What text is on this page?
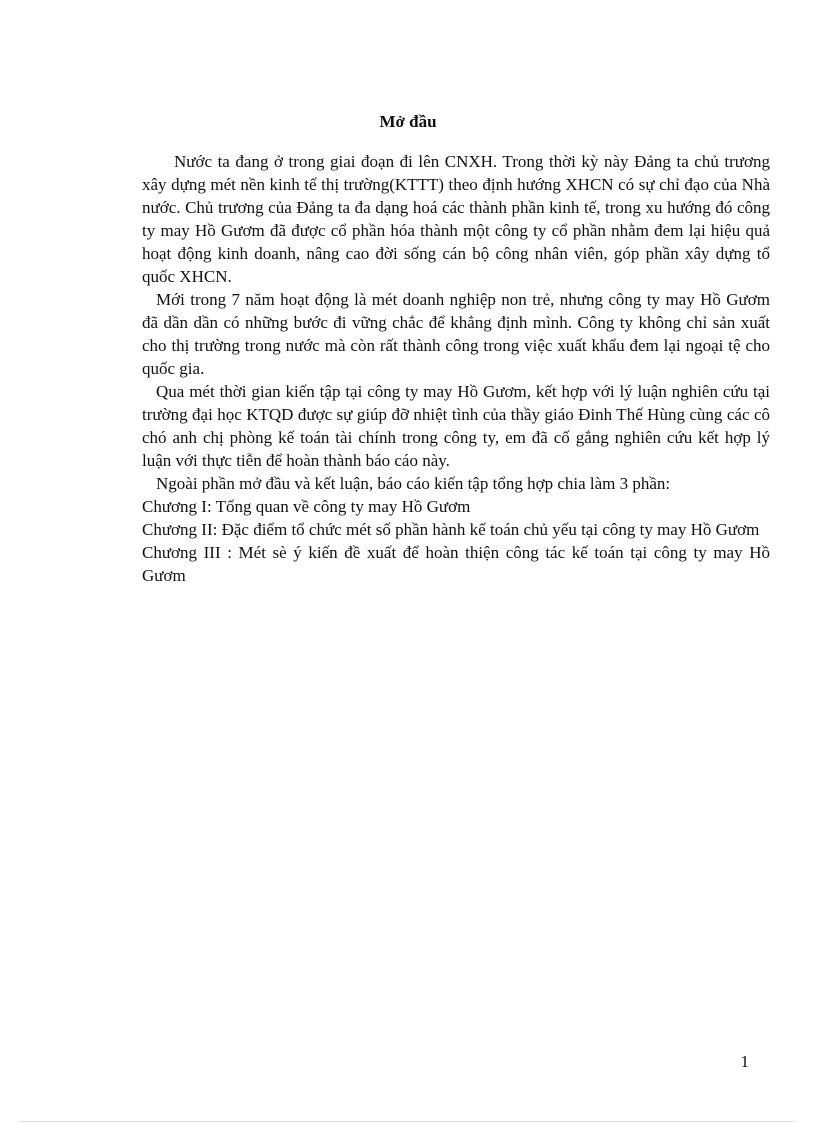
Mở đầu

Nước ta đang ở trong giai đoạn đi lên CNXH. Trong thời kỳ này Đảng ta chủ trương xây dựng mét nền kinh tế thị trường(KTTT) theo định hướng XHCN có sự chỉ đạo của Nhà nước. Chủ trương của Đảng ta đa dạng hoá các thành phần kinh tế, trong xu hướng đó công ty may Hồ Gươm đã được cổ phần hóa thành một công ty cổ phần nhằm đem lại hiệu quả hoạt động kinh doanh, nâng cao đời sống cán bộ công nhân viên, góp phần xây dựng tổ quốc XHCN.

Mới trong 7 năm hoạt động là mét doanh nghiệp non trẻ, nhưng công ty may Hồ Gươm đã dần dần có những bước đi vững chắc để khẳng định mình. Công ty không chỉ sản xuất cho thị trường trong nước mà còn rất thành công trong việc xuất khẩu đem lại ngoại tệ cho quốc gia.

Qua mét thời gian kiến tập tại công ty may Hồ Gươm, kết hợp với lý luận nghiên cứu tại trường đại học KTQD được sự giúp đỡ nhiệt tình của thầy giáo Đinh Thế Hùng cùng các cô chó anh chị phòng kế toán tài chính trong công ty, em đã cố gắng nghiên cứu kết hợp lý luận với thực tiễn để hoàn thành báo cáo này.

Ngoài phần mở đầu và kết luận, báo cáo kiến tập tổng hợp chia làm 3 phần:

Chương I: Tổng quan về công ty may Hồ Gươm

Chương II: Đặc điểm tổ chức mét số phần hành kế toán chủ yếu tại công ty may Hồ Gươm

Chương III : Mét sè ý kiến đề xuất để hoàn thiện công tác kế toán tại công ty may Hồ Gươm

1
